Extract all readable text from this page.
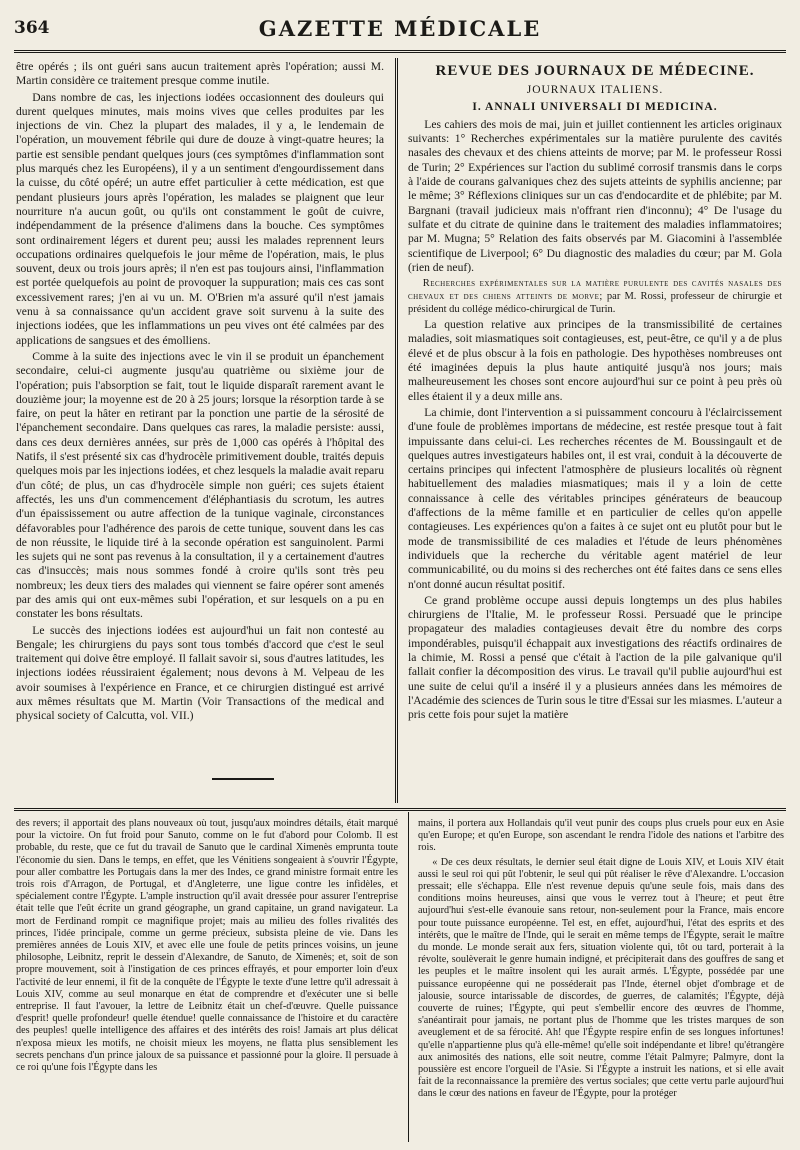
364	GAZETTE MÉDICALE

être opérés ; ils ont guéri sans aucun traitement après l'opération; aussi M. Martin considère ce traitement presque comme inutile.

Dans nombre de cas, les injections iodées occasionnent des douleurs qui durent quelques minutes, mais moins vives que celles produites par les injections de vin. Chez la plupart des malades, il y a, le lendemain de l'opération, un mouvement fébrile qui dure de douze à vingt-quatre heures; la partie est sensible pendant quelques jours (ces symptômes d'inflammation sont plus marqués chez les Européens), il y a un sentiment d'engourdissement dans la cuisse, du côté opéré; un autre effet particulier à cette médication, est que pendant plusieurs jours après l'opération, les malades se plaignent que leur nourriture n'a aucun goût, ou qu'ils ont constamment le goût de cuivre, indépendamment de la présence d'alimens dans la bouche. Ces symptômes sont ordinairement légers et durent peu; aussi les malades reprennent leurs occupations ordinaires quelquefois le jour même de l'opération, mais, le plus souvent, deux ou trois jours après; il n'en est pas toujours ainsi, l'inflammation est portée quelquefois au point de provoquer la suppuration; mais ces cas sont excessivement rares; j'en ai vu un. M. O'Brien m'a assuré qu'il n'est jamais venu à sa connaissance qu'un accident grave soit survenu à la suite des injections iodées, que les inflammations un peu vives ont été calmées par des applications de sangsues et des émolliens.

Comme à la suite des injections avec le vin il se produit un épanchement secondaire, celui-ci augmente jusqu'au quatrième ou sixième jour de l'opération; puis l'absorption se fait, tout le liquide disparaît rarement avant le douzième jour; la moyenne est de 20 à 25 jours; lorsque la résorption tarde à se faire, on peut la hâter en retirant par la ponction une partie de la sérosité de l'épanchement secondaire. Dans quelques cas rares, la maladie persiste: aussi, dans ces deux dernières années, sur près de 1,000 cas opérés à l'hôpital des Natifs, il s'est présenté six cas d'hydrocèle primitivement double, traités depuis quelques mois par les injections iodées, et chez lesquels la maladie avait reparu d'un côté; de plus, un cas d'hydrocèle simple non guéri; ces sujets étaient affectés, les uns d'un commencement d'éléphantiasis du scrotum, les autres d'un épaississement ou autre affection de la tunique vaginale, circonstances défavorables pour l'adhérence des parois de cette tunique, souvent dans les cas de non réussite, le liquide tiré à la seconde opération est sanguinolent. Parmi les sujets qui ne sont pas revenus à la consultation, il y a certainement d'autres cas d'insuccès; mais nous sommes fondé à croire qu'ils sont très peu nombreux; les deux tiers des malades qui viennent se faire opérer sont amenés par des amis qui ont eux-mêmes subi l'opération, et sur lesquels on a pu en constater les bons résultats.

Le succès des injections iodées est aujourd'hui un fait non contesté au Bengale; les chirurgiens du pays sont tous tombés d'accord que c'est le seul traitement qui doive être employé. Il fallait savoir si, sous d'autres latitudes, les injections iodées réussiraient également; nous devons à M. Velpeau de les avoir soumises à l'expérience en France, et ce chirurgien distingué est arrivé aux mêmes résultats que M. Martin (Voir Transactions of the medical and physical society of Calcutta, vol. VII.)

REVUE DES JOURNAUX DE MÉDECINE.
JOURNAUX ITALIENS.
I. ANNALI UNIVERSALI DI MEDICINA.

Les cahiers des mois de mai, juin et juillet contiennent les articles originaux suivants: 1° Recherches expérimentales sur la matière purulente des cavités nasales des chevaux et des chiens atteints de morve; par M. le professeur Rossi de Turin; 2° Expériences sur l'action du sublimé corrosif transmis dans le corps à l'aide de courans galvaniques chez des sujets atteints de syphilis ancienne; par le même; 3° Réflexions cliniques sur un cas d'endocardite et de phlébite; par M. Bargnani (travail judicieux mais n'offrant rien d'inconnu); 4° De l'usage du sulfate et du citrate de quinine dans le traitement des maladies inflammatoires; par M. Mugna; 5° Relation des faits observés par M. Giacomini à l'assemblée scientifique de Liverpool; 6° Du diagnostic des maladies du cœur; par M. Gola (rien de neuf).

Recherches expérimentales sur la matière purulente des cavités nasales des chevaux et des chiens atteints de morve; par M. Rossi, professeur de chirurgie et président du collége médico-chirurgical de Turin.

La question relative aux principes de la transmissibilité de certaines maladies, soit miasmatiques soit contagieuses, est, peut-être, ce qu'il y a de plus élevé et de plus obscur à la fois en pathologie. Des hypothèses nombreuses ont été imaginées depuis la plus haute antiquité jusqu'à nos jours; mais malheureusement les choses sont encore aujourd'hui sur ce point à peu près où elles étaient il y a deux mille ans.

La chimie, dont l'intervention a si puissamment concouru à l'éclaircissement d'une foule de problèmes importans de médecine, est restée presque tout à fait impuissante dans celui-ci. Les recherches récentes de M. Boussingault et de quelques autres investigateurs habiles ont, il est vrai, conduit à la découverte de certains principes qui infectent l'atmosphère de plusieurs localités où règnent habituellement des maladies miasmatiques; mais il y a loin de cette connaissance à celle des véritables principes générateurs de beaucoup d'affections de la même famille et en particulier de celles qu'on appelle contagieuses. Les expériences qu'on a faites à ce sujet ont eu plutôt pour but le mode de transmissibilité de ces maladies et l'étude de leurs phénomènes individuels que la recherche du véritable agent matériel de leur communicabilité, ou du moins si des recherches ont été faites dans ce sens elles n'ont donné aucun résultat positif.

Ce grand problème occupe aussi depuis longtemps un des plus habiles chirurgiens de l'Italie, M. le professeur Rossi. Persuadé que le principe propagateur des maladies contagieuses devait être du nombre des corps impondérables, puisqu'il échappait aux investigations des réactifs ordinaires de la chimie, M. Rossi a pensé que c'était à l'action de la pile galvanique qu'il fallait confier la décomposition des virus. Le travail qu'il publie aujourd'hui est une suite de celui qu'il a inséré il y a plusieurs années dans les mémoires de l'Académie des sciences de Turin sous le titre d'Essai sur les miasmes. L'auteur a pris cette fois pour sujet la matière

des revers; il apportait des plans nouveaux où tout, jusqu'aux moindres détails, était marqué pour la victoire. On fut froid pour Sanuto, comme on le fut d'abord pour Colomb. Il est probable, du reste, que ce fut du travail de Sanuto que le cardinal Ximenès emprunta toute l'économie du sien. Dans le temps, en effet, que les Vénitiens songeaient à s'ouvrir l'Égypte, pour aller combattre les Portugais dans la mer des Indes, ce grand ministre formait entre les trois rois d'Arragon, de Portugal, et d'Angleterre, une ligue contre les infidèles, et spécialement contre l'Égypte. L'ample instruction qu'il avait dressée pour assurer l'entreprise était telle que l'eût écrite un grand géographe, un grand capitaine, un grand navigateur. La mort de Ferdinand rompit ce magnifique projet; mais au milieu des folles rivalités des princes, l'idée principale, comme un germe précieux, subsista pleine de vie. Dans les premières années de Louis XIV, et avec elle une foule de petits princes voisins, un jeune philosophe, Leibnitz, reprit le dessein d'Alexandre, de Sanuto, de Ximenès; et, soit de son propre mouvement, soit à l'instigation de ces princes effrayés, et pour emporter loin d'eux l'activité de leur ennemi, il fit de la conquête de l'Égypte le texte d'une lettre qu'il adressait à Louis XIV, comme au seul monarque en état de comprendre et d'exécuter une si belle entreprise. Il faut l'avouer, la lettre de Leibnitz était un chef-d'œuvre. Quelle puissance d'esprit! quelle profondeur! quelle étendue! quelle connaissance de l'histoire et du caractère des peuples! quelle intelligence des affaires et des intérêts des rois! Jamais art plus délicat n'exposa mieux les motifs, ne choisit mieux les moyens, ne flatta plus sensiblement les secrets penchans d'un prince jaloux de sa puissance et passionné pour la gloire. Il persuade à ce roi qu'une fois l'Égypte dans les

mains, il portera aux Hollandais qu'il veut punir des coups plus cruels pour eux en Asie qu'en Europe; et qu'en Europe, son ascendant le rendra l'idole des nations et l'arbitre des rois.

« De ces deux résultats, le dernier seul était digne de Louis XIV, et Louis XIV était aussi le seul roi qui pût l'obtenir, le seul qui pût réaliser le rêve d'Alexandre. L'occasion pressait; elle s'échappa. Elle n'est revenue depuis qu'une seule fois, mais dans des conditions moins heureuses, ainsi que vous le verrez tout à l'heure; et peut être aujourd'hui s'est-elle évanouie sans retour, non-seulement pour la France, mais encore pour toute puissance européenne. Tel est, en effet, aujourd'hui, l'état des esprits et des intérêts, que le maître de l'Inde, qui le serait en même temps de l'Égypte, serait le maître du monde. Le monde serait aux fers, situation violente qui, tôt ou tard, porterait à la révolte, soulèverait le genre humain indigné, et précipiterait dans des gouffres de sang et les peuples et le maître insolent qui les aurait armés. L'Égypte, possédée par une puissance européenne qui ne posséderait pas l'Inde, éternel objet d'ombrage et de jalousie, source intarissable de discordes, de guerres, de calamités; l'Égypte, déjà couverte de ruines; l'Égypte, qui peut s'embellir encore des œuvres de l'homme, s'anéantirait pour jamais, ne portant plus de l'homme que les tristes marques de son aveuglement et de sa férocité. Ah! que l'Égypte respire enfin de ses longues infortunes! qu'elle n'appartienne plus qu'à elle-même! qu'elle soit indépendante et libre! qu'étrangère aux animosités des nations, elle soit neutre, comme l'était Palmyre; Palmyre, dont la poussière est encore l'orgueil de l'Asie. Si l'Égypte a instruit les nations, et si elle avait fait de la reconnaissance la première des vertus sociales; que cette vertu parle aujourd'hui dans le cœur des nations en faveur de l'Égypte, pour la protéger
